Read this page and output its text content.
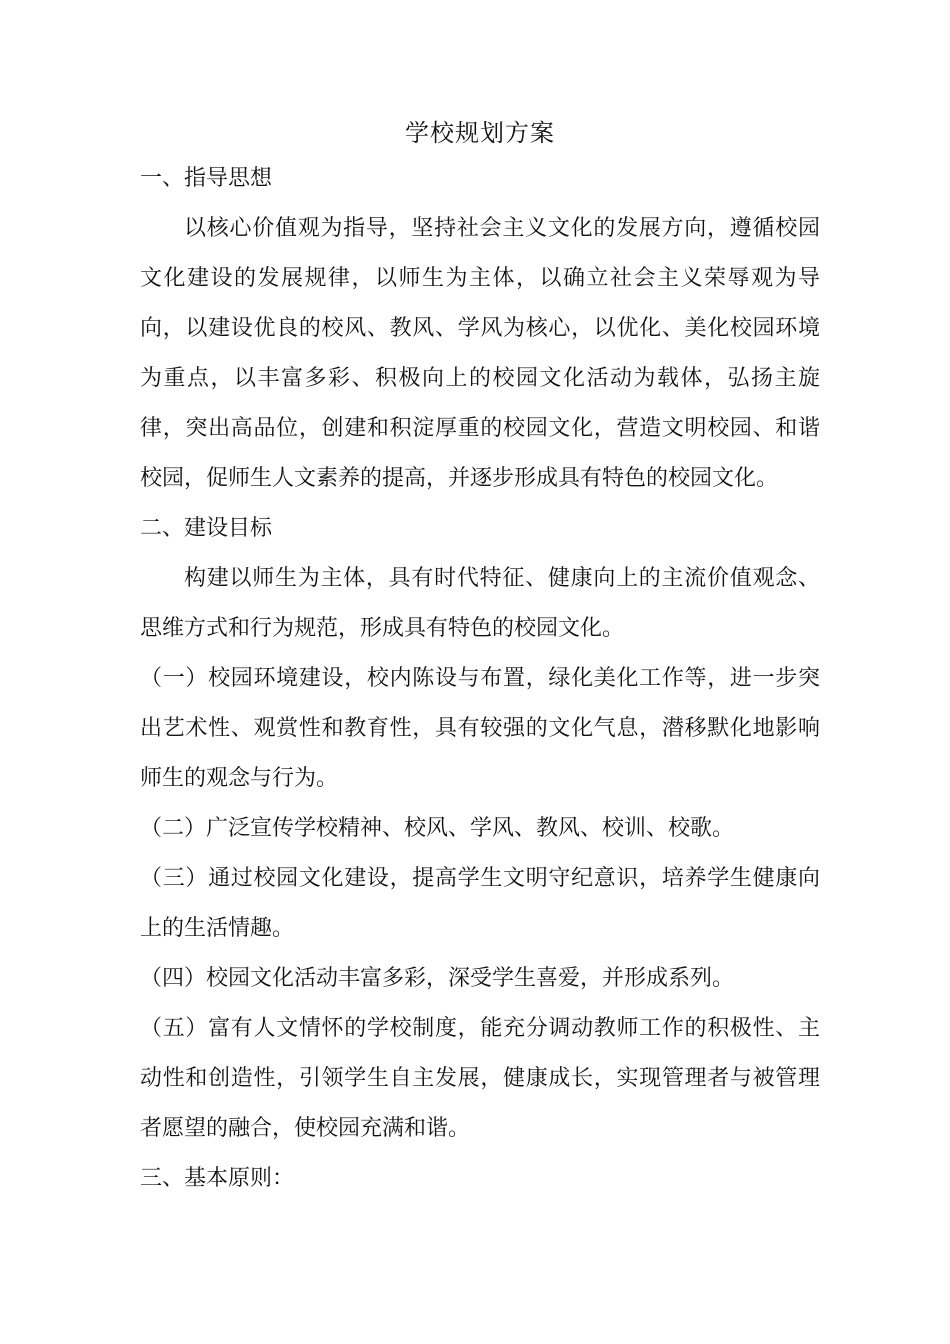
学校规划方案

一、指导思想

以核心价值观为指导，坚持社会主义文化的发展方向，遵循校园文化建设的发展规律，以师生为主体，以确立社会主义荣辱观为导向，以建设优良的校风、教风、学风为核心，以优化、美化校园环境为重点，以丰富多彩、积极向上的校园文化活动为载体，弘扬主旋律，突出高品位，创建和积淀厚重的校园文化，营造文明校园、和谐校园，促师生人文素养的提高，并逐步形成具有特色的校园文化。

二、建设目标

构建以师生为主体，具有时代特征、健康向上的主流价值观念、思维方式和行为规范，形成具有特色的校园文化。

（一）校园环境建设，校内陈设与布置，绿化美化工作等，进一步突出艺术性、观赏性和教育性，具有较强的文化气息，潜移默化地影响师生的观念与行为。

（二）广泛宣传学校精神、校风、学风、教风、校训、校歌。

（三）通过校园文化建设，提高学生文明守纪意识，培养学生健康向上的生活情趣。

（四）校园文化活动丰富多彩，深受学生喜爱，并形成系列。

（五）富有人文情怀的学校制度，能充分调动教师工作的积极性、主动性和创造性，引领学生自主发展，健康成长，实现管理者与被管理者愿望的融合，使校园充满和谐。

三、基本原则：
